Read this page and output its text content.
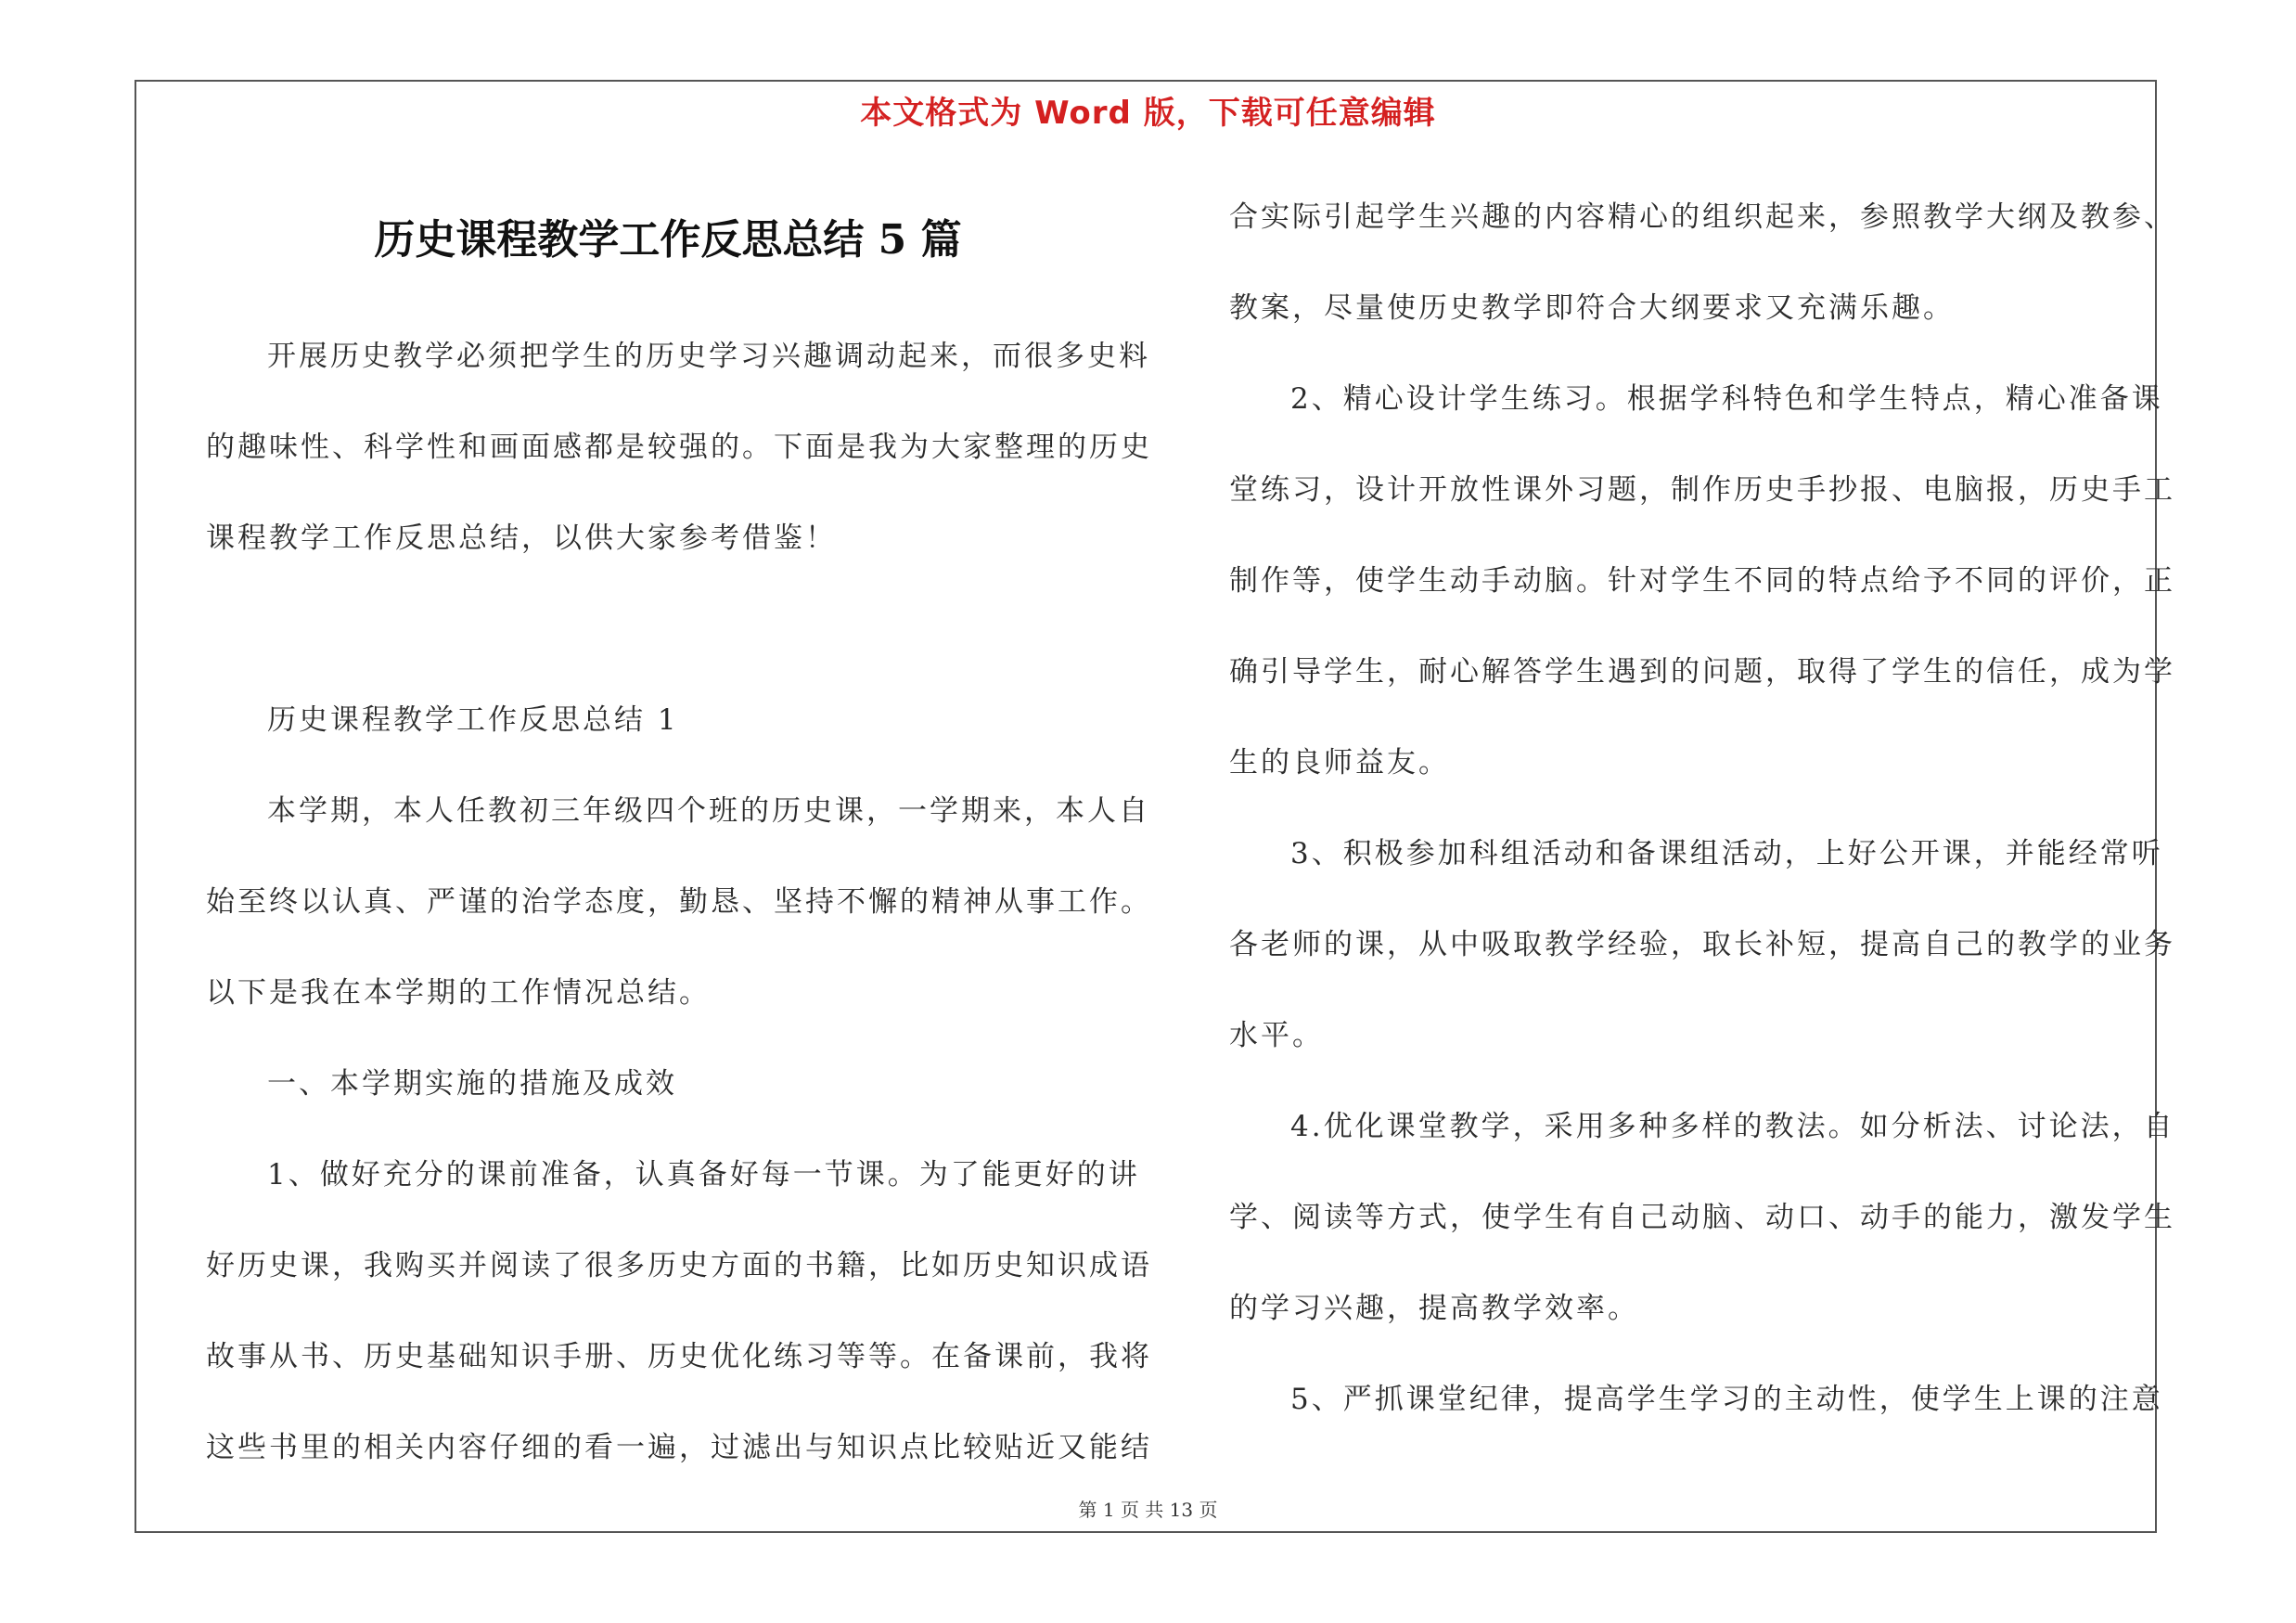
本文格式为 Word 版，下载可任意编辑
历史课程教学工作反思总结 5 篇
开展历史教学必须把学生的历史学习兴趣调动起来，而很多史料
的趣味性、科学性和画面感都是较强的。下面是我为大家整理的历史
课程教学工作反思总结，以供大家参考借鉴！
历史课程教学工作反思总结 1
本学期，本人任教初三年级四个班的历史课，一学期来，本人自
始至终以认真、严谨的治学态度，勤恳、坚持不懈的精神从事工作。
以下是我在本学期的工作情况总结。
一、本学期实施的措施及成效
1、做好充分的课前准备，认真备好每一节课。为了能更好的讲
好历史课，我购买并阅读了很多历史方面的书籍，比如历史知识成语
故事从书、历史基础知识手册、历史优化练习等等。在备课前，我将
这些书里的相关内容仔细的看一遍，过滤出与知识点比较贴近又能结
合实际引起学生兴趣的内容精心的组织起来，参照教学大纲及教参、
教案，尽量使历史教学即符合大纲要求又充满乐趣。
2、精心设计学生练习。根据学科特色和学生特点，精心准备课
堂练习，设计开放性课外习题，制作历史手抄报、电脑报，历史手工
制作等，使学生动手动脑。针对学生不同的特点给予不同的评价，正
确引导学生，耐心解答学生遇到的问题，取得了学生的信任，成为学
生的良师益友。
3、积极参加科组活动和备课组活动，上好公开课，并能经常听
各老师的课，从中吸取教学经验，取长补短，提高自己的教学的业务
水平。
4.优化课堂教学，采用多种多样的教法。如分析法、讨论法，自
学、阅读等方式，使学生有自己动脑、动口、动手的能力，激发学生
的学习兴趣，提高教学效率。
5、严抓课堂纪律，提高学生学习的主动性，使学生上课的注意
第 1 页 共 13 页
